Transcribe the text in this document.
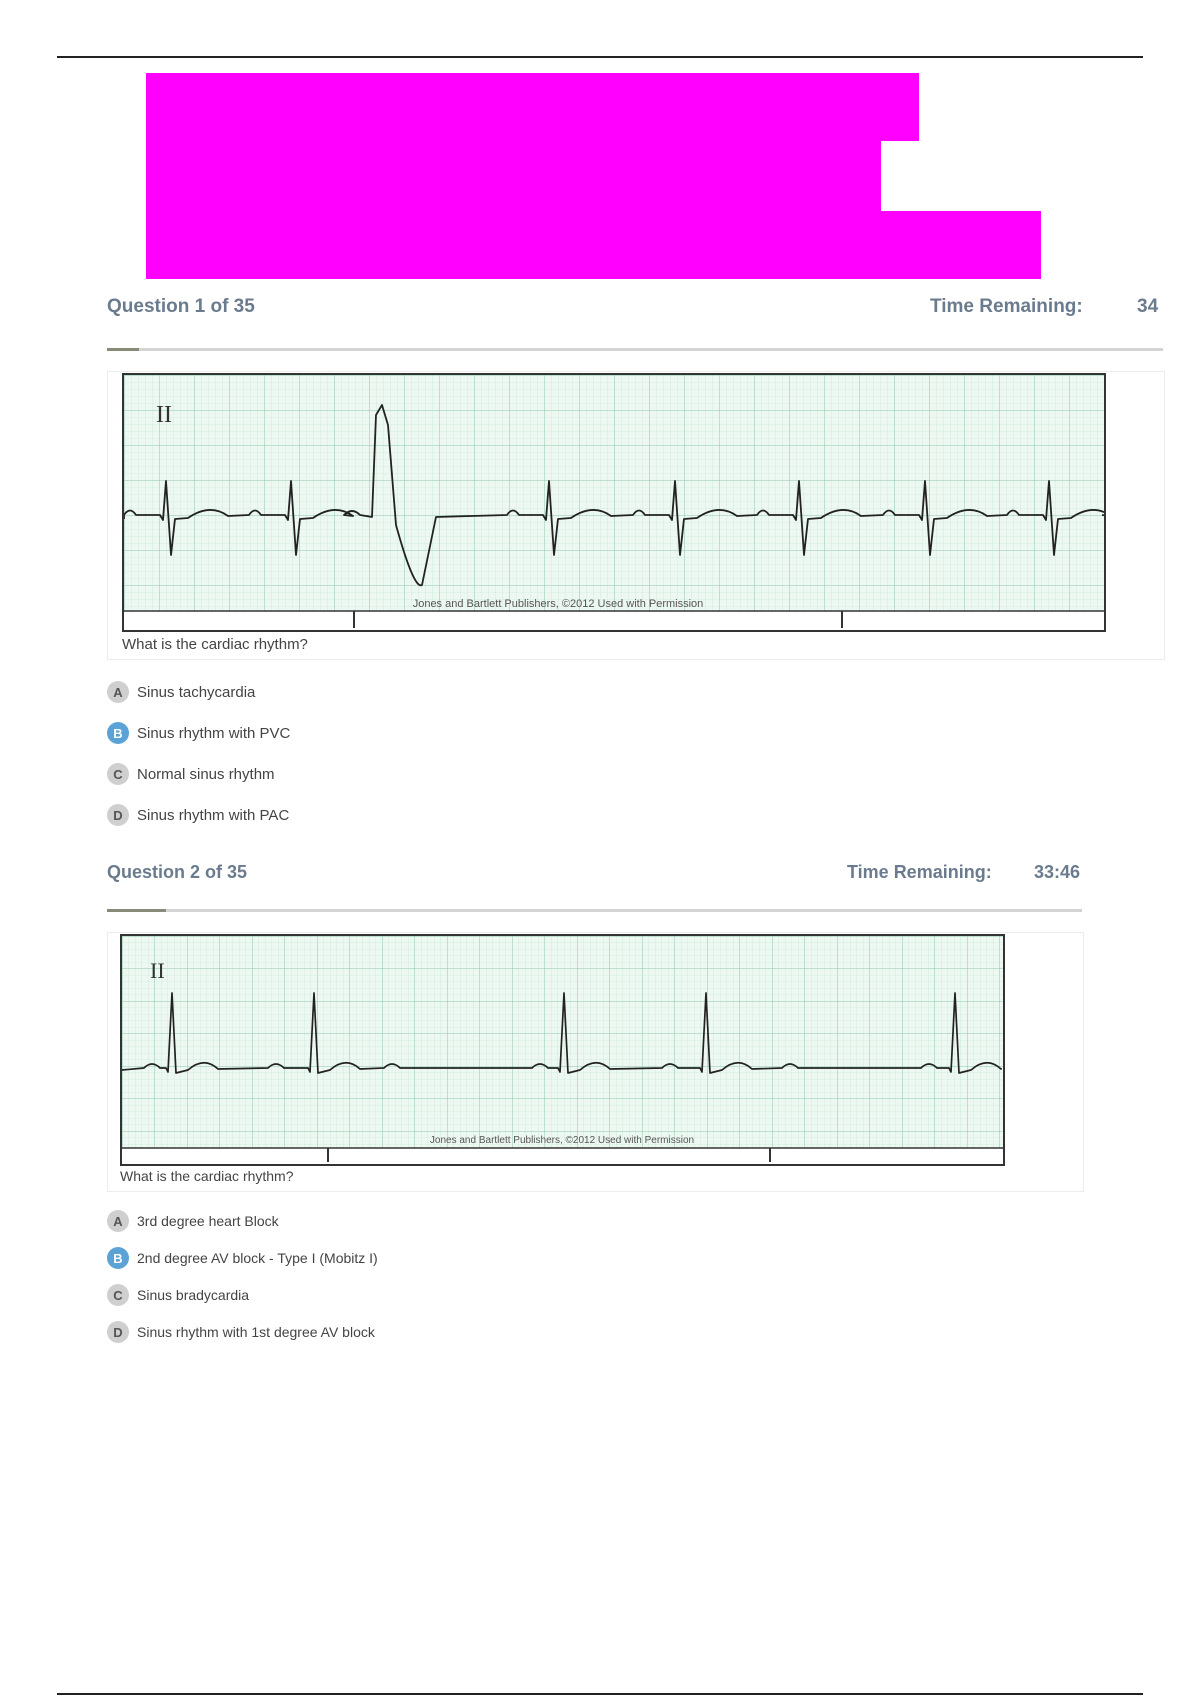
Question 1 of 35	Time Remaining:	34
II
Jones and Bartlett Publishers, ©2012 Used with Permission
What is the cardiac rhythm?
A Sinus tachycardia
B Sinus rhythm with PVC
C Normal sinus rhythm
D Sinus rhythm with PAC
Question 2 of 35	Time Remaining: 33:46
II
Jones and Bartlett Publishers, ©2012 Used with Permission
What is the cardiac rhythm?
A	3rd degree heart Block
B	2nd degree AV block - Type I (Mobitz I)
C	Sinus bradycardia
D	Sinus rhythm with 1st degree AV block
